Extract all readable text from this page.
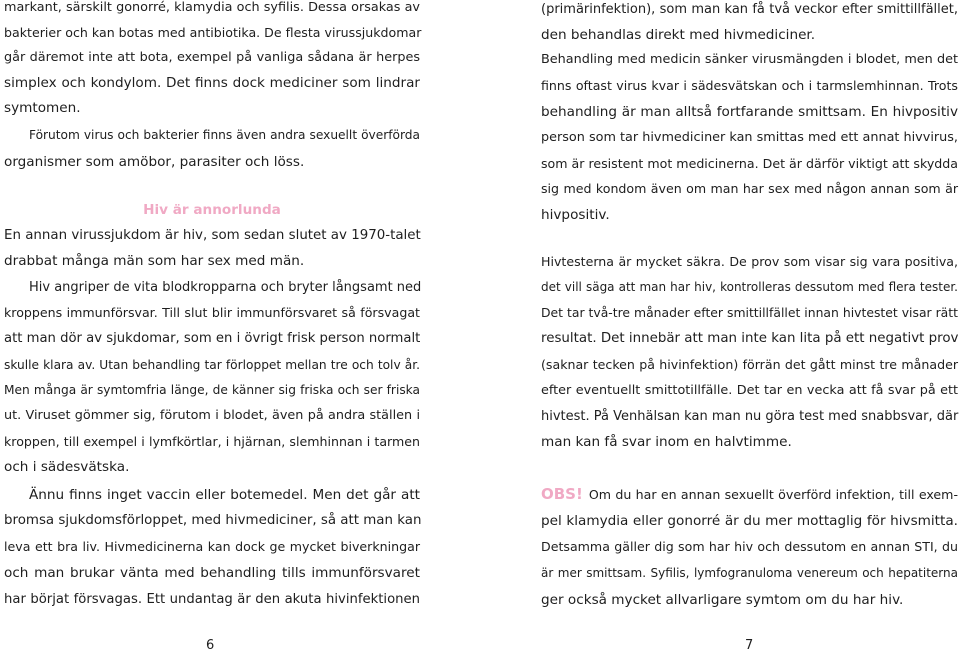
markant, särskilt gonorré, klamydia och syfilis. Dessa orsakas av
bakterier och kan botas med antibiotika. De flesta virussjukdomar
går däremot inte att bota, exempel på vanliga sådana är herpes
simplex och kondylom. Det finns dock mediciner som lindrar
symtomen.
Förutom virus och bakterier finns även andra sexuellt överförda
organismer som amöbor, parasiter och löss.
Hiv är annorlunda
En annan virussjukdom är hiv, som sedan slutet av 1970-talet
drabbat många män som har sex med män.
Hiv angriper de vita blodkropparna och bryter långsamt ned
kroppens immunförsvar. Till slut blir immunförsvaret så försvagat
att man dör av sjukdomar, som en i övrigt frisk person normalt
skulle klara av. Utan behandling tar förloppet mellan tre och tolv år.
Men många är symtomfria länge, de känner sig friska och ser friska
ut. Viruset gömmer sig, förutom i blodet, även på andra ställen i
kroppen, till exempel i lymfkörtlar, i hjärnan, slemhinnan i tarmen
och i sädesvätska.
Ännu finns inget vaccin eller botemedel. Men det går att
bromsa sjukdomsförloppet, med hivmediciner, så att man kan
leva ett bra liv. Hivmedicinerna kan dock ge mycket biverkningar
och man brukar vänta med behandling tills immunförsvaret
har börjat försvagas. Ett undantag är den akuta hivinfektionen
(primärinfektion), som man kan få två veckor efter smittillfället,
den behandlas direkt med hivmediciner.
Behandling med medicin sänker virusmängden i blodet, men det
finns oftast virus kvar i sädesvätskan och i tarmslemhinnan. Trots
behandling är man alltså fortfarande smittsam. En hivpositiv
person som tar hivmediciner kan smittas med ett annat hivvirus,
som är resistent mot medicinerna. Det är därför viktigt att skydda
sig med kondom även om man har sex med någon annan som är
hivpositiv.
Hivtesterna är mycket säkra. De prov som visar sig vara positiva,
det vill säga att man har hiv, kontrolleras dessutom med flera tester.
Det tar två-tre månader efter smittillfället innan hivtestet visar rätt
resultat. Det innebär att man inte kan lita på ett negativt prov
(saknar tecken på hivinfektion) förrän det gått minst tre månader
efter eventuellt smittotillfälle. Det tar en vecka att få svar på ett
hivtest. På Venhälsan kan man nu göra test med snabbsvar, där
man kan få svar inom en halvtimme.
OBS! Om du har en annan sexuellt överförd infektion, till exem-
pel klamydia eller gonorré är du mer mottaglig för hivsmitta.
Detsamma gäller dig som har hiv och dessutom en annan STI, du
är mer smittsam. Syfilis, lymfogranuloma venereum och hepatiterna
ger också mycket allvarligare symtom om du har hiv.
6	7
